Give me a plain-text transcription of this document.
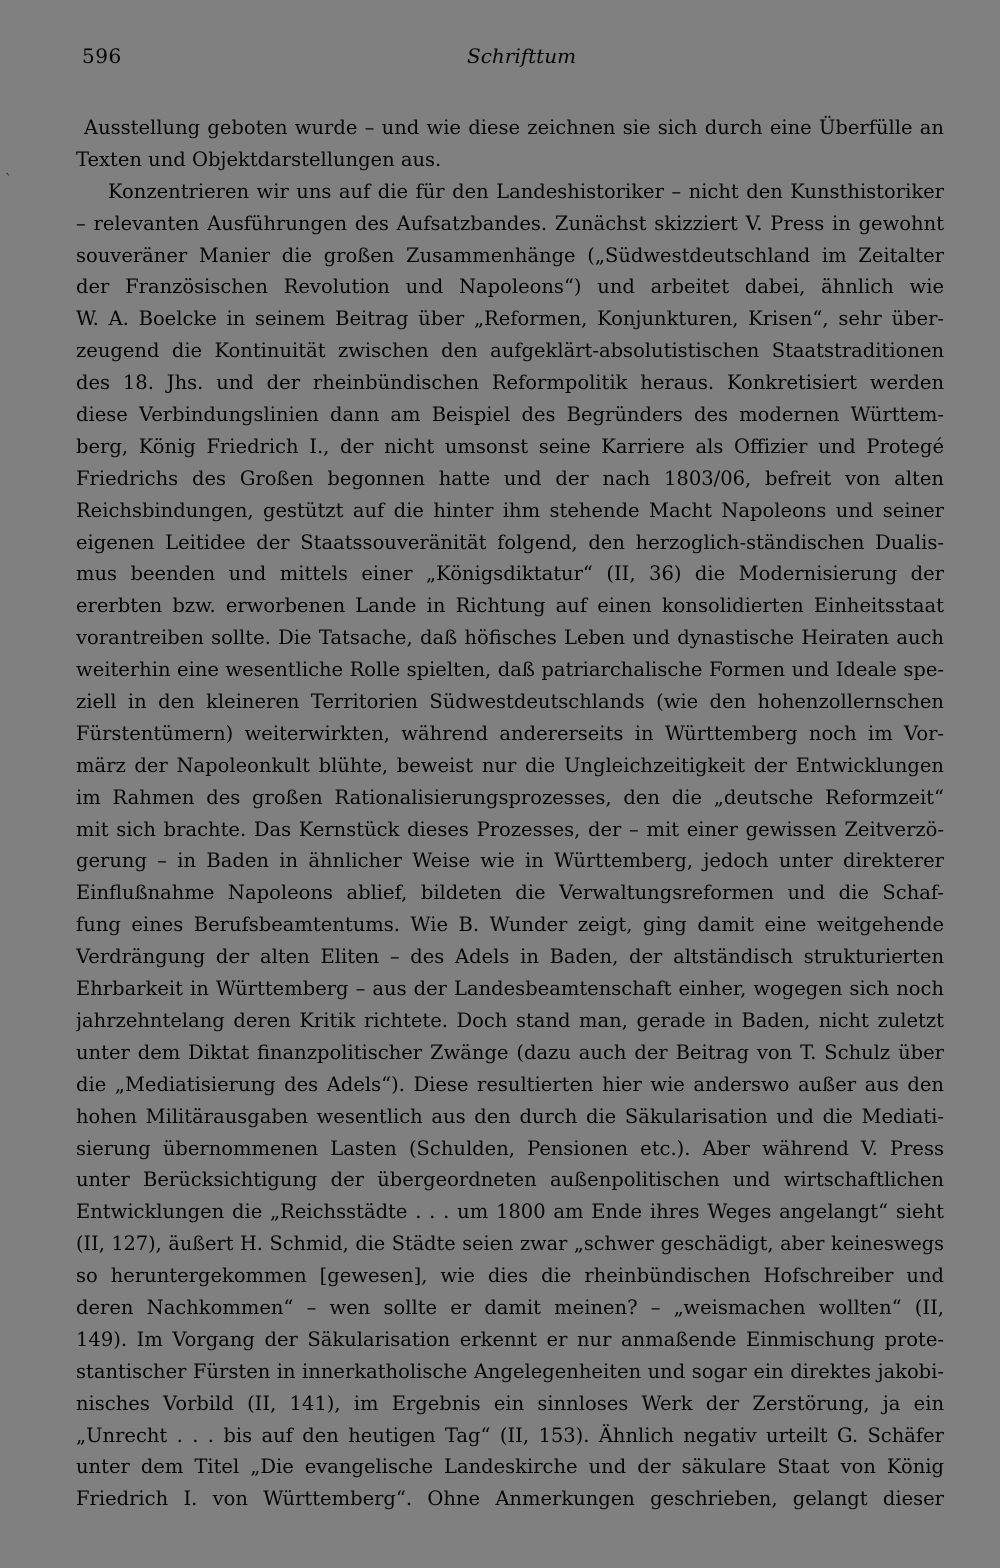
596	Schrifttum
`
Ausstellung geboten wurde – und wie diese zeichnen sie sich durch eine Überfülle an
Texten und Objektdarstellungen aus.
Konzentrieren wir uns auf die für den Landeshistoriker – nicht den Kunsthistoriker
– relevanten Ausführungen des Aufsatzbandes. Zunächst skizziert V. Press in gewohnt
souveräner Manier die großen Zusammenhänge („Südwestdeutschland im Zeitalter
der Französischen Revolution und Napoleons“) und arbeitet dabei, ähnlich wie
W. A. Boelcke in seinem Beitrag über „Reformen, Konjunkturen, Krisen“, sehr über-
zeugend die Kontinuität zwischen den aufgeklärt-absolutistischen Staatstraditionen
des 18. Jhs. und der rheinbündischen Reformpolitik heraus. Konkretisiert werden
diese Verbindungslinien dann am Beispiel des Begründers des modernen Württem-
berg, König Friedrich I., der nicht umsonst seine Karriere als Offizier und Protegé
Friedrichs des Großen begonnen hatte und der nach 1803/06, befreit von alten
Reichsbindungen, gestützt auf die hinter ihm stehende Macht Napoleons und seiner
eigenen Leitidee der Staatssouveränität folgend, den herzoglich-ständischen Dualis-
mus beenden und mittels einer „Königsdiktatur“ (II, 36) die Modernisierung der
ererbten bzw. erworbenen Lande in Richtung auf einen konsolidierten Einheitsstaat
vorantreiben sollte. Die Tatsache, daß höfisches Leben und dynastische Heiraten auch
weiterhin eine wesentliche Rolle spielten, daß patriarchalische Formen und Ideale spe-
ziell in den kleineren Territorien Südwestdeutschlands (wie den hohenzollernschen
Fürstentümern) weiterwirkten, während andererseits in Württemberg noch im Vor-
märz der Napoleonkult blühte, beweist nur die Ungleichzeitigkeit der Entwicklungen
im Rahmen des großen Rationalisierungsprozesses, den die „deutsche Reformzeit“
mit sich brachte. Das Kernstück dieses Prozesses, der – mit einer gewissen Zeitverzö-
gerung – in Baden in ähnlicher Weise wie in Württemberg, jedoch unter direkterer
Einflußnahme Napoleons ablief, bildeten die Verwaltungsreformen und die Schaf-
fung eines Berufsbeamtentums. Wie B. Wunder zeigt, ging damit eine weitgehende
Verdrängung der alten Eliten – des Adels in Baden, der altständisch strukturierten
Ehrbarkeit in Württemberg – aus der Landesbeamtenschaft einher, wogegen sich noch
jahrzehntelang deren Kritik richtete. Doch stand man, gerade in Baden, nicht zuletzt
unter dem Diktat finanzpolitischer Zwänge (dazu auch der Beitrag von T. Schulz über
die „Mediatisierung des Adels“). Diese resultierten hier wie anderswo außer aus den
hohen Militärausgaben wesentlich aus den durch die Säkularisation und die Mediati-
sierung übernommenen Lasten (Schulden, Pensionen etc.). Aber während V. Press
unter Berücksichtigung der übergeordneten außenpolitischen und wirtschaftlichen
Entwicklungen die „Reichsstädte . . . um 1800 am Ende ihres Weges angelangt“ sieht
(II, 127), äußert H. Schmid, die Städte seien zwar „schwer geschädigt, aber keineswegs
so heruntergekommen [gewesen], wie dies die rheinbündischen Hofschreiber und
deren Nachkommen“ – wen sollte er damit meinen? – „weismachen wollten“ (II,
149). Im Vorgang der Säkularisation erkennt er nur anmaßende Einmischung prote-
stantischer Fürsten in innerkatholische Angelegenheiten und sogar ein direktes jakobi-
nisches Vorbild (II, 141), im Ergebnis ein sinnloses Werk der Zerstörung, ja ein
„Unrecht . . . bis auf den heutigen Tag“ (II, 153). Ähnlich negativ urteilt G. Schäfer
unter dem Titel „Die evangelische Landeskirche und der säkulare Staat von König
Friedrich I. von Württemberg“. Ohne Anmerkungen geschrieben, gelangt dieser
